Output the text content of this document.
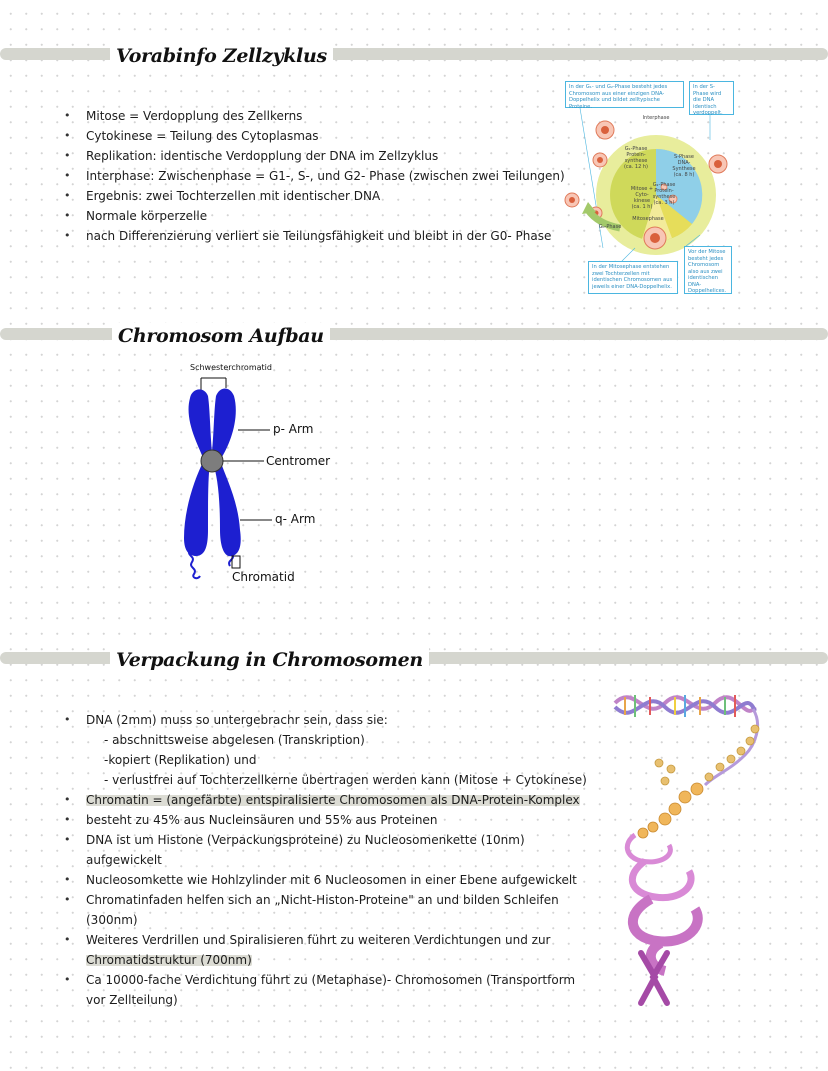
Vorabinfo Zellzyklus
• Mitose = Verdopplung des Zellkerns
• Cytokinese = Teilung des Cytoplasmas
• Replikation: identische Verdopplung der DNA im Zellzyklus
• Interphase: Zwischenphase = G1-, S-, und G2- Phase (zwischen zwei Teilungen)
• Ergebnis: zwei Tochterzellen mit identischer DNA
• Normale körperzelle
• nach Differenzierung verliert sie Teilungsfähigkeit und bleibt in der G0- Phase
In der G₁- und G₂-Phase besteht jedes Chromosom aus einer einzigen DNA-Doppelhelix und bildet zelltypische Proteine.
In der S-Phase wird die DNA identisch verdoppelt.
Interphase
G₁-Phase Protein-synthese (ca. 12 h)
S-Phase DNA-Synthese (ca. 8 h)
G₂-Phase Protein-synthese (ca. 3 h)
Mitose + Cyto-kinese (ca. 1 h)
Mitosephase
G₀-Phase
In der Mitosephase entstehen zwei Tochterzellen mit identischen Chromosomen aus jeweils einer DNA-Doppelhelix.
Vor der Mitose besteht jedes Chromosom also aus zwei identischen DNA-Doppelhelices.
Chromosom Aufbau
Schwesterchromatid
p- Arm
Centromer
q- Arm
Chromatid
Verpackung in Chromosomen
• DNA (2mm) muss so untergebrachr sein, dass sie:
- abschnittsweise abgelesen (Transkription)
-kopiert (Replikation) und
- verlustfrei auf Tochterzellkerne übertragen werden kann (Mitose + Cytokinese)
• Chromatin = (angefärbte) entspiralisierte Chromosomen als DNA-Protein-Komplex
• besteht zu 45% aus Nucleinsäuren und 55% aus Proteinen
• DNA ist um Histone (Verpackungsproteine) zu Nucleosomenkette (10nm)
aufgewickelt
• Nucleosomkette wie Hohlzylinder mit 6 Nucleosomen in einer Ebene aufgewickelt
• Chromatinfaden helfen sich an „Nicht-Histon-Proteine" an und bilden Schleifen
(300nm)
• Weiteres Verdrillen und Spiralisieren führt zu weiteren Verdichtungen und zur
Chromatidstruktur (700nm)
• Ca 10000-fache Verdichtung führt zu (Metaphase)- Chromosomen (Transportform
vor Zellteilung)
